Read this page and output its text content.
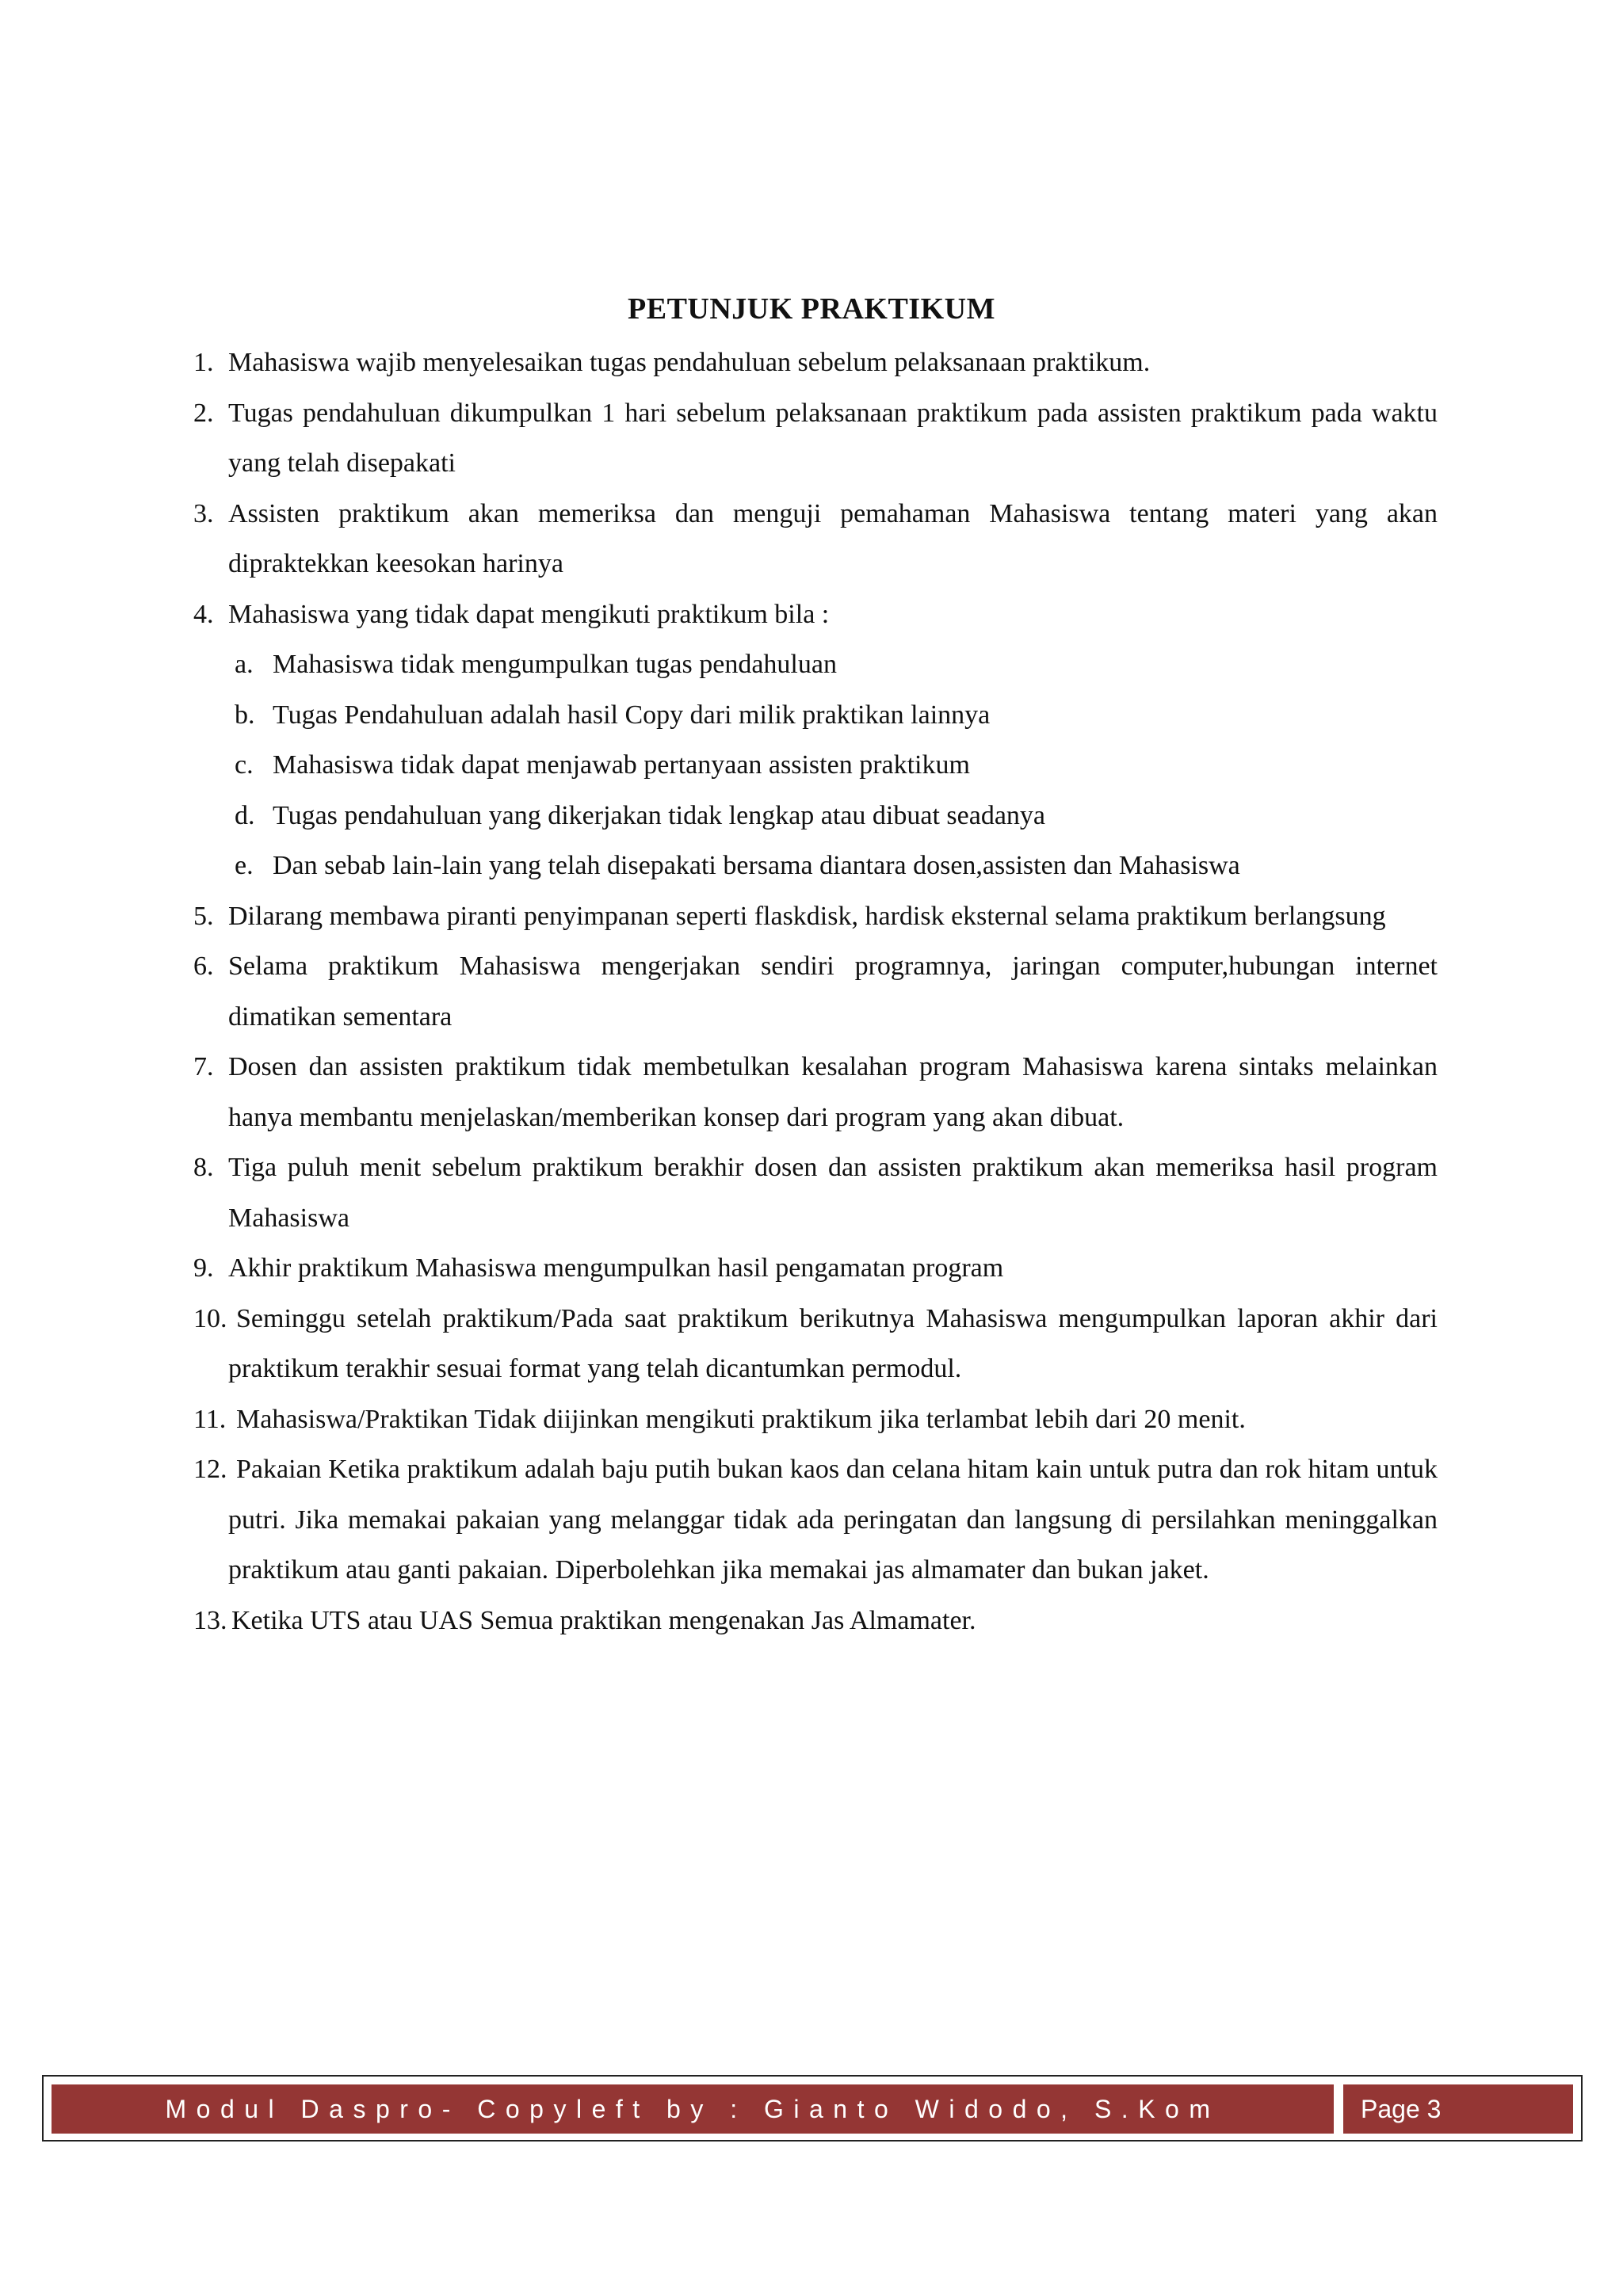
PETUNJUK PRAKTIKUM
1. Mahasiswa wajib menyelesaikan tugas pendahuluan sebelum pelaksanaan praktikum.
2. Tugas pendahuluan dikumpulkan 1 hari sebelum pelaksanaan praktikum pada assisten praktikum pada waktu yang telah disepakati
3. Assisten praktikum akan memeriksa dan menguji pemahaman Mahasiswa tentang materi yang akan dipraktekkan keesokan harinya
4. Mahasiswa yang tidak dapat mengikuti praktikum bila :
a. Mahasiswa tidak mengumpulkan tugas pendahuluan
b. Tugas Pendahuluan adalah hasil Copy dari milik praktikan lainnya
c. Mahasiswa tidak dapat menjawab pertanyaan assisten praktikum
d. Tugas pendahuluan yang dikerjakan tidak lengkap atau dibuat seadanya
e. Dan sebab lain-lain yang telah disepakati bersama diantara dosen,assisten dan Mahasiswa
5. Dilarang membawa piranti penyimpanan seperti flaskdisk, hardisk eksternal selama praktikum berlangsung
6. Selama praktikum Mahasiswa mengerjakan sendiri programnya, jaringan computer,hubungan internet dimatikan sementara
7. Dosen dan assisten praktikum tidak membetulkan kesalahan program Mahasiswa karena sintaks melainkan hanya membantu menjelaskan/memberikan konsep dari program yang akan dibuat.
8. Tiga puluh menit sebelum praktikum berakhir dosen dan assisten praktikum akan memeriksa hasil program Mahasiswa
9. Akhir praktikum Mahasiswa mengumpulkan hasil pengamatan program
10. Seminggu setelah praktikum/Pada saat praktikum berikutnya Mahasiswa mengumpulkan laporan akhir dari praktikum terakhir sesuai format yang telah dicantumkan permodul.
11. Mahasiswa/Praktikan Tidak diijinkan mengikuti praktikum jika terlambat lebih dari 20 menit.
12. Pakaian Ketika praktikum adalah baju putih bukan kaos dan celana hitam kain untuk putra dan rok hitam untuk putri. Jika memakai pakaian yang melanggar tidak ada peringatan dan langsung di persilahkan meninggalkan praktikum atau ganti pakaian. Diperbolehkan jika memakai jas almamater dan bukan jaket.
13. Ketika UTS atau UAS Semua praktikan mengenakan Jas Almamater.
Modul Daspro- Copyleft by : Gianto Widodo, S.Kom	Page 3
